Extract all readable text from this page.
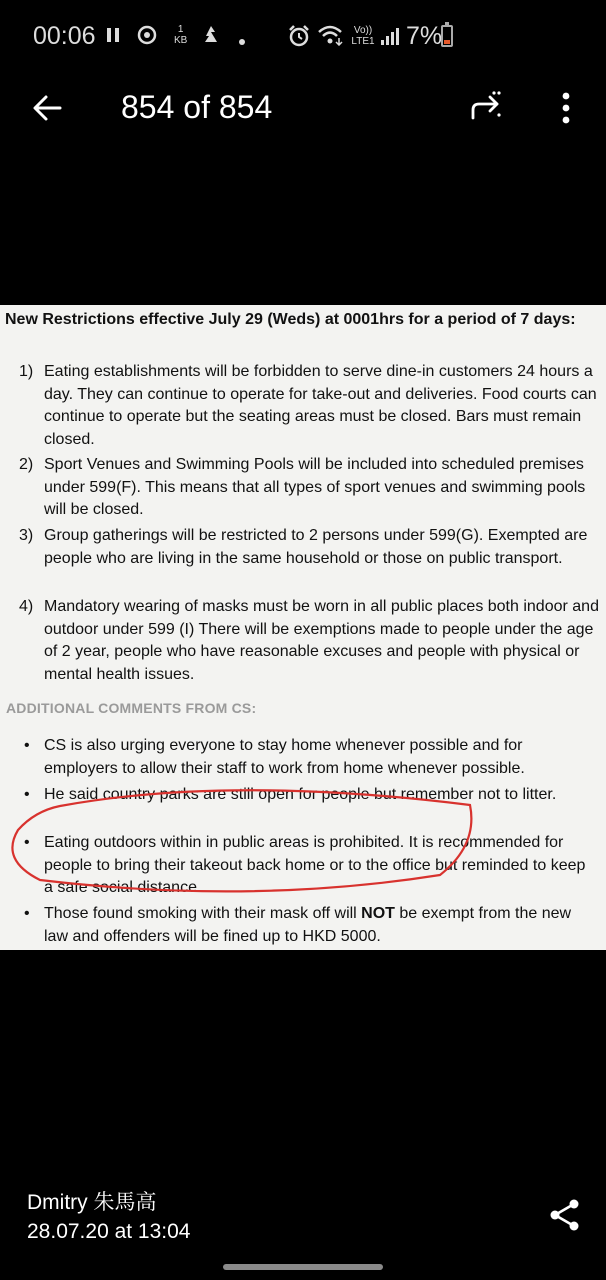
00:06	1
KB
Vo)) LTE1 7%
854 of 854
New Restrictions effective July 29 (Weds) at 0001hrs for a period of 7 days:
1) Eating establishments will be forbidden to serve dine-in customers 24 hours a day. They can continue to operate for take-out and deliveries. Food courts can continue to operate but the seating areas must be closed. Bars must remain closed.
2) Sport Venues and Swimming Pools will be included into scheduled premises under 599(F). This means that all types of sport venues and swimming pools will be closed.
3) Group gatherings will be restricted to 2 persons under 599(G). Exempted are people who are living in the same household or those on public transport.
4) Mandatory wearing of masks must be worn in all public places both indoor and outdoor under 599 (I) There will be exemptions made to people under the age of 2 year, people who have reasonable excuses and people with physical or mental health issues.
ADDITIONAL COMMENTS FROM CS:
• CS is also urging everyone to stay home whenever possible and for employers to allow their staff to work from home whenever possible.
• He said country parks are still open for people but remember not to litter.
• Eating outdoors within in public areas is prohibited. It is recommended for people to bring their takeout back home or to the office but reminded to keep a safe social distance.
• Those found smoking with their mask off will NOT be exempt from the new law and offenders will be fined up to HKD 5000.
Dmitry 朱馬高
28.07.20 at 13:04
